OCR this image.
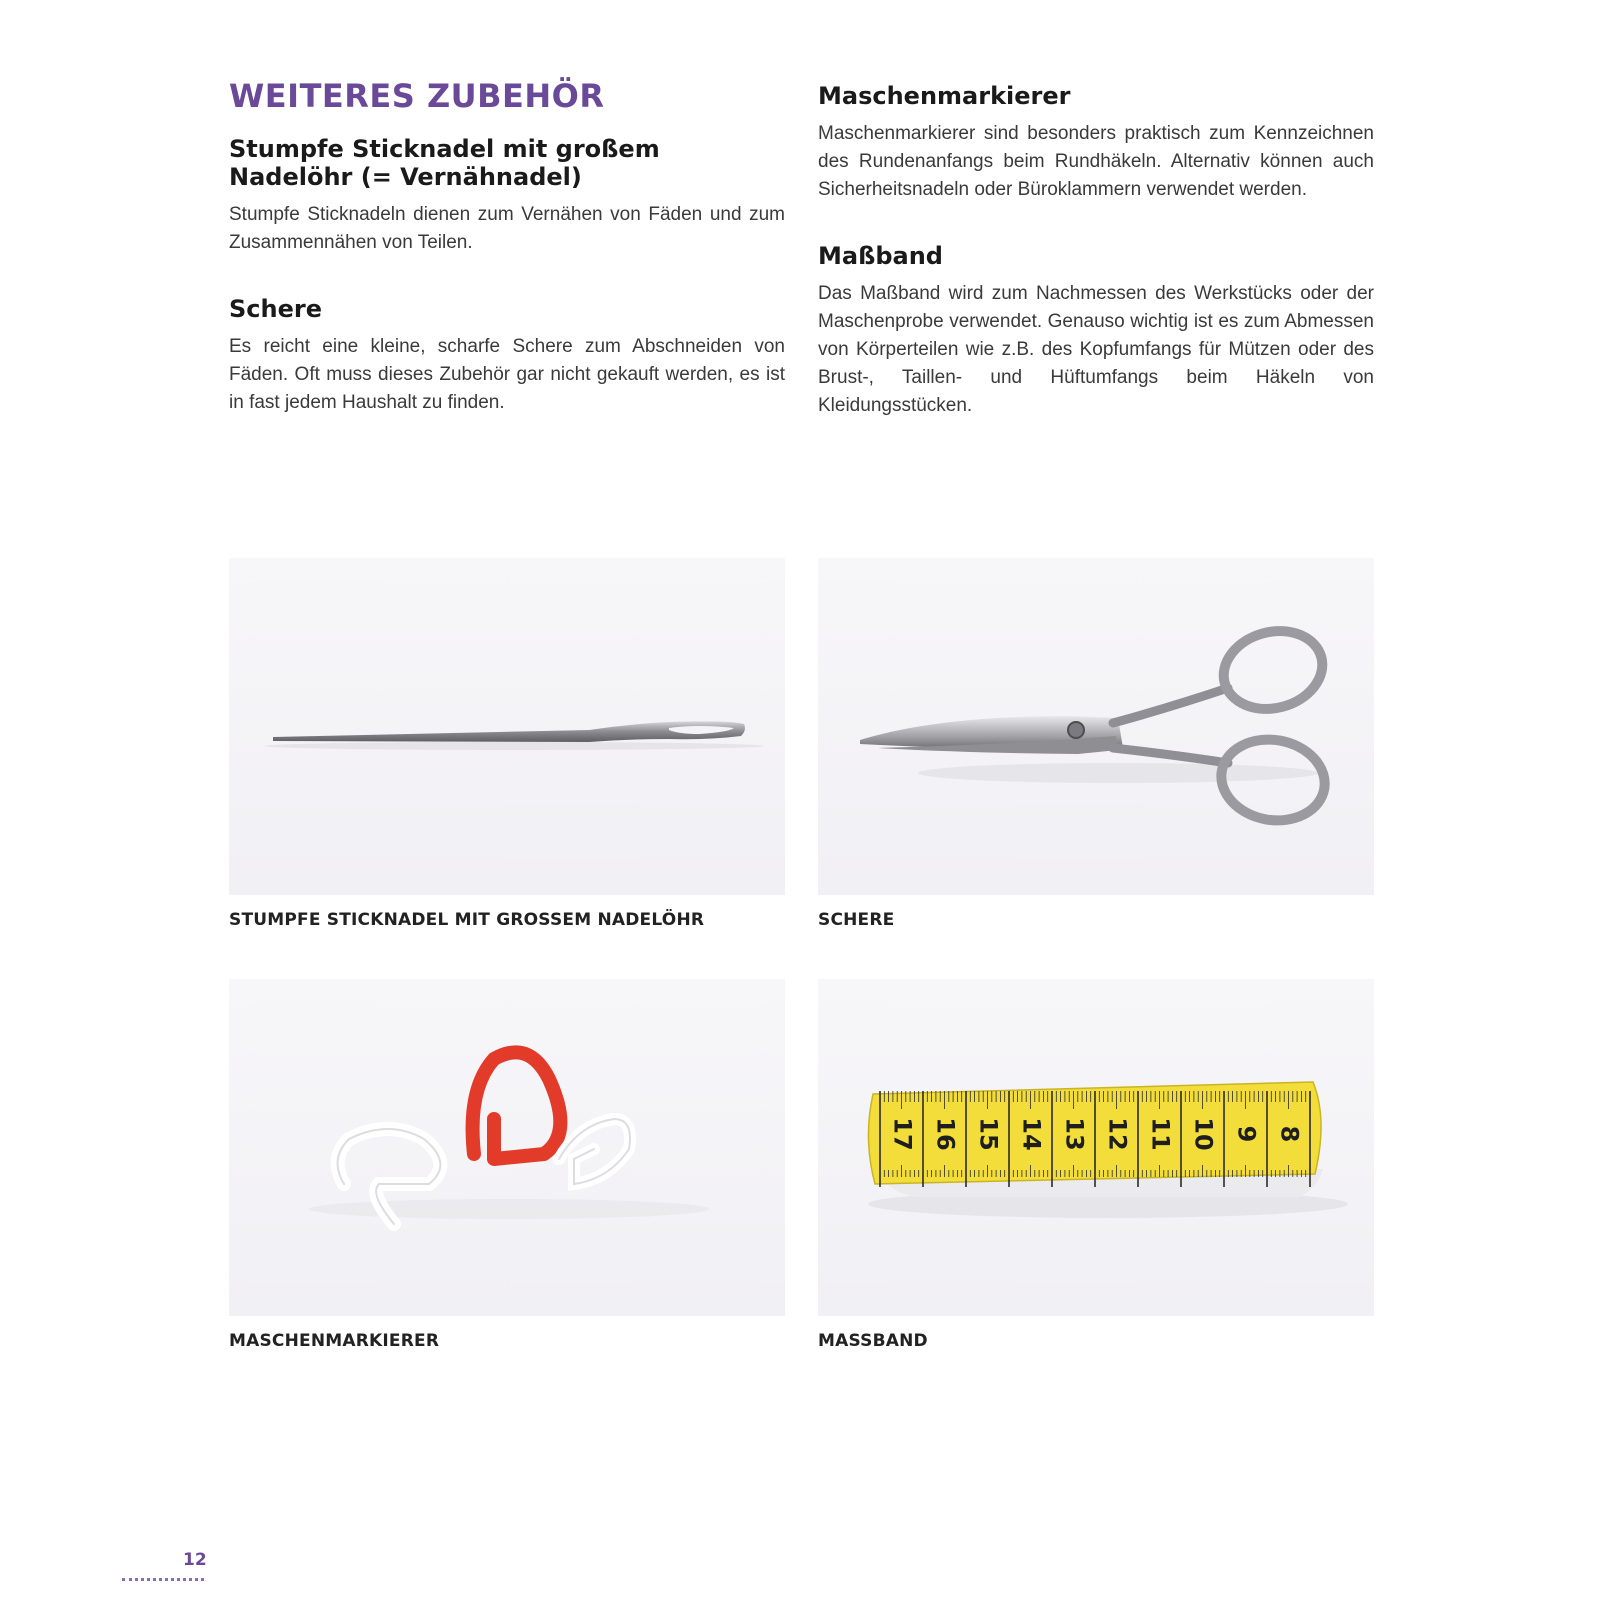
WEITERES ZUBEHÖR
Stumpfe Sticknadel mit großem Nadelöhr (= Vernähnadel)

Stumpfe Sticknadeln dienen zum Vernähen von Fäden und zum Zusammennähen von Teilen.

Schere

Es reicht eine kleine, scharfe Schere zum Abschneiden von Fäden. Oft muss dieses Zubehör gar nicht gekauft werden, es ist in fast jedem Haushalt zu finden.

Maschenmarkierer

Maschenmarkierer sind besonders praktisch zum Kennzeichnen des Rundenanfangs beim Rundhäkeln. Alternativ können auch Sicherheitsnadeln oder Büroklammern verwendet werden.

Maßband

Das Maßband wird zum Nachmessen des Werkstücks oder der Maschenprobe verwendet. Genauso wichtig ist es zum Abmessen von Körperteilen wie z.B. des Kopfumfangs für Mützen oder des Brust-, Taillen- und Hüftumfangs beim Häkeln von Kleidungsstücken.

17 16 15 14 13 12 11 10 9 8
STUMPFE STICKNADEL MIT GROSSEM NADELÖHR	SCHERE
MASCHENMARKIERER	MASSBAND
12
